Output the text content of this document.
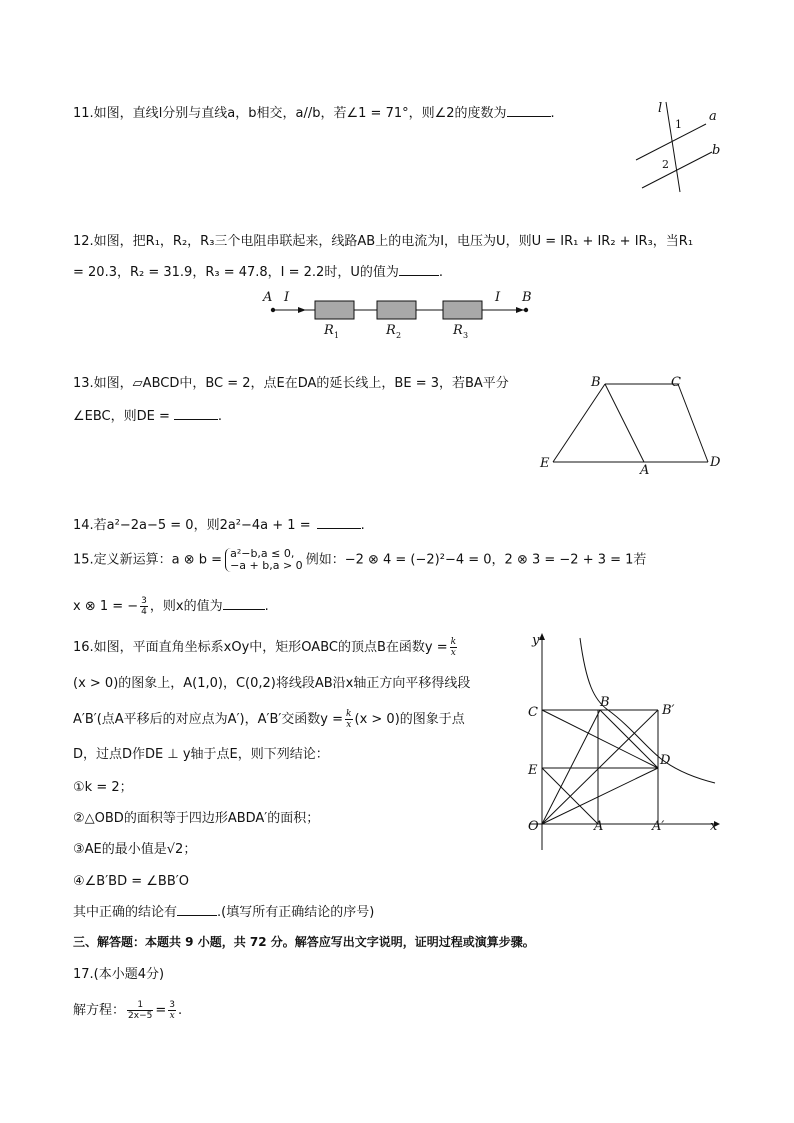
11.如图，直线l分别与直线a，b相交，a//b，若∠1 = 71°，则∠2的度数为	.	l
1
a
2
b
12.如图，把R₁，R₂，R₃三个电阻串联起来，线路AB上的电流为I，电压为U，则U = IR₁ + IR₂ + IR₃，当R₁
= 20.3，R₂ = 31.9，R₃ = 47.8，I = 2.2时，U的值为	.
A I	I B
R 1	R 2	R 3
13.如图，▱ABCD中，BC = 2，点E在DA的延长线上，BE = 3，若BA平分
∠EBC，则DE =	.
B	C
E	A
D
14.若a²−2a−5 = 0，则2a²−4a + 1 =	.
15.定义新运算：a ⊗ b = a²−b,a ≤ 0,
−a + b,a > 0 例如：−2 ⊗ 4 = (−2)²−4 = 0，2 ⊗ 3 = −2 + 3 = 1若
x ⊗ 1 = − $\frac{3}{4}$ ，则x的值为	.
16.如图，平面直角坐标系xOy中，矩形OABC的顶点B在函数$y = \frac{k}{x}$
(x > 0)的图象上，A(1,0)，C(0,2)将线段AB沿x轴正方向平移得线段
A′B′(点A平移后的对应点为A′)，A′B′交函数$y = \frac{k}{x} (x > 0)$的图象于点
D，过点D作DE ⊥ y轴于点E，则下列结论：
①k = 2；
②△OBD的面积等于四边形ABDA′的面积；
③AE的最小值是√2；
④∠B′BD = ∠BB′O
其中正确的结论有	.(填写所有正确结论的序号)
y
x
C
B
B′
E
D
O	A	A′
三、解答题：本题共 9 小题，共 72 分。解答应写出文字说明，证明过程或演算步骤。
17.(本小题4分)
解方程： $\frac{1}{2x-5} = \frac{3}{x}$ .
